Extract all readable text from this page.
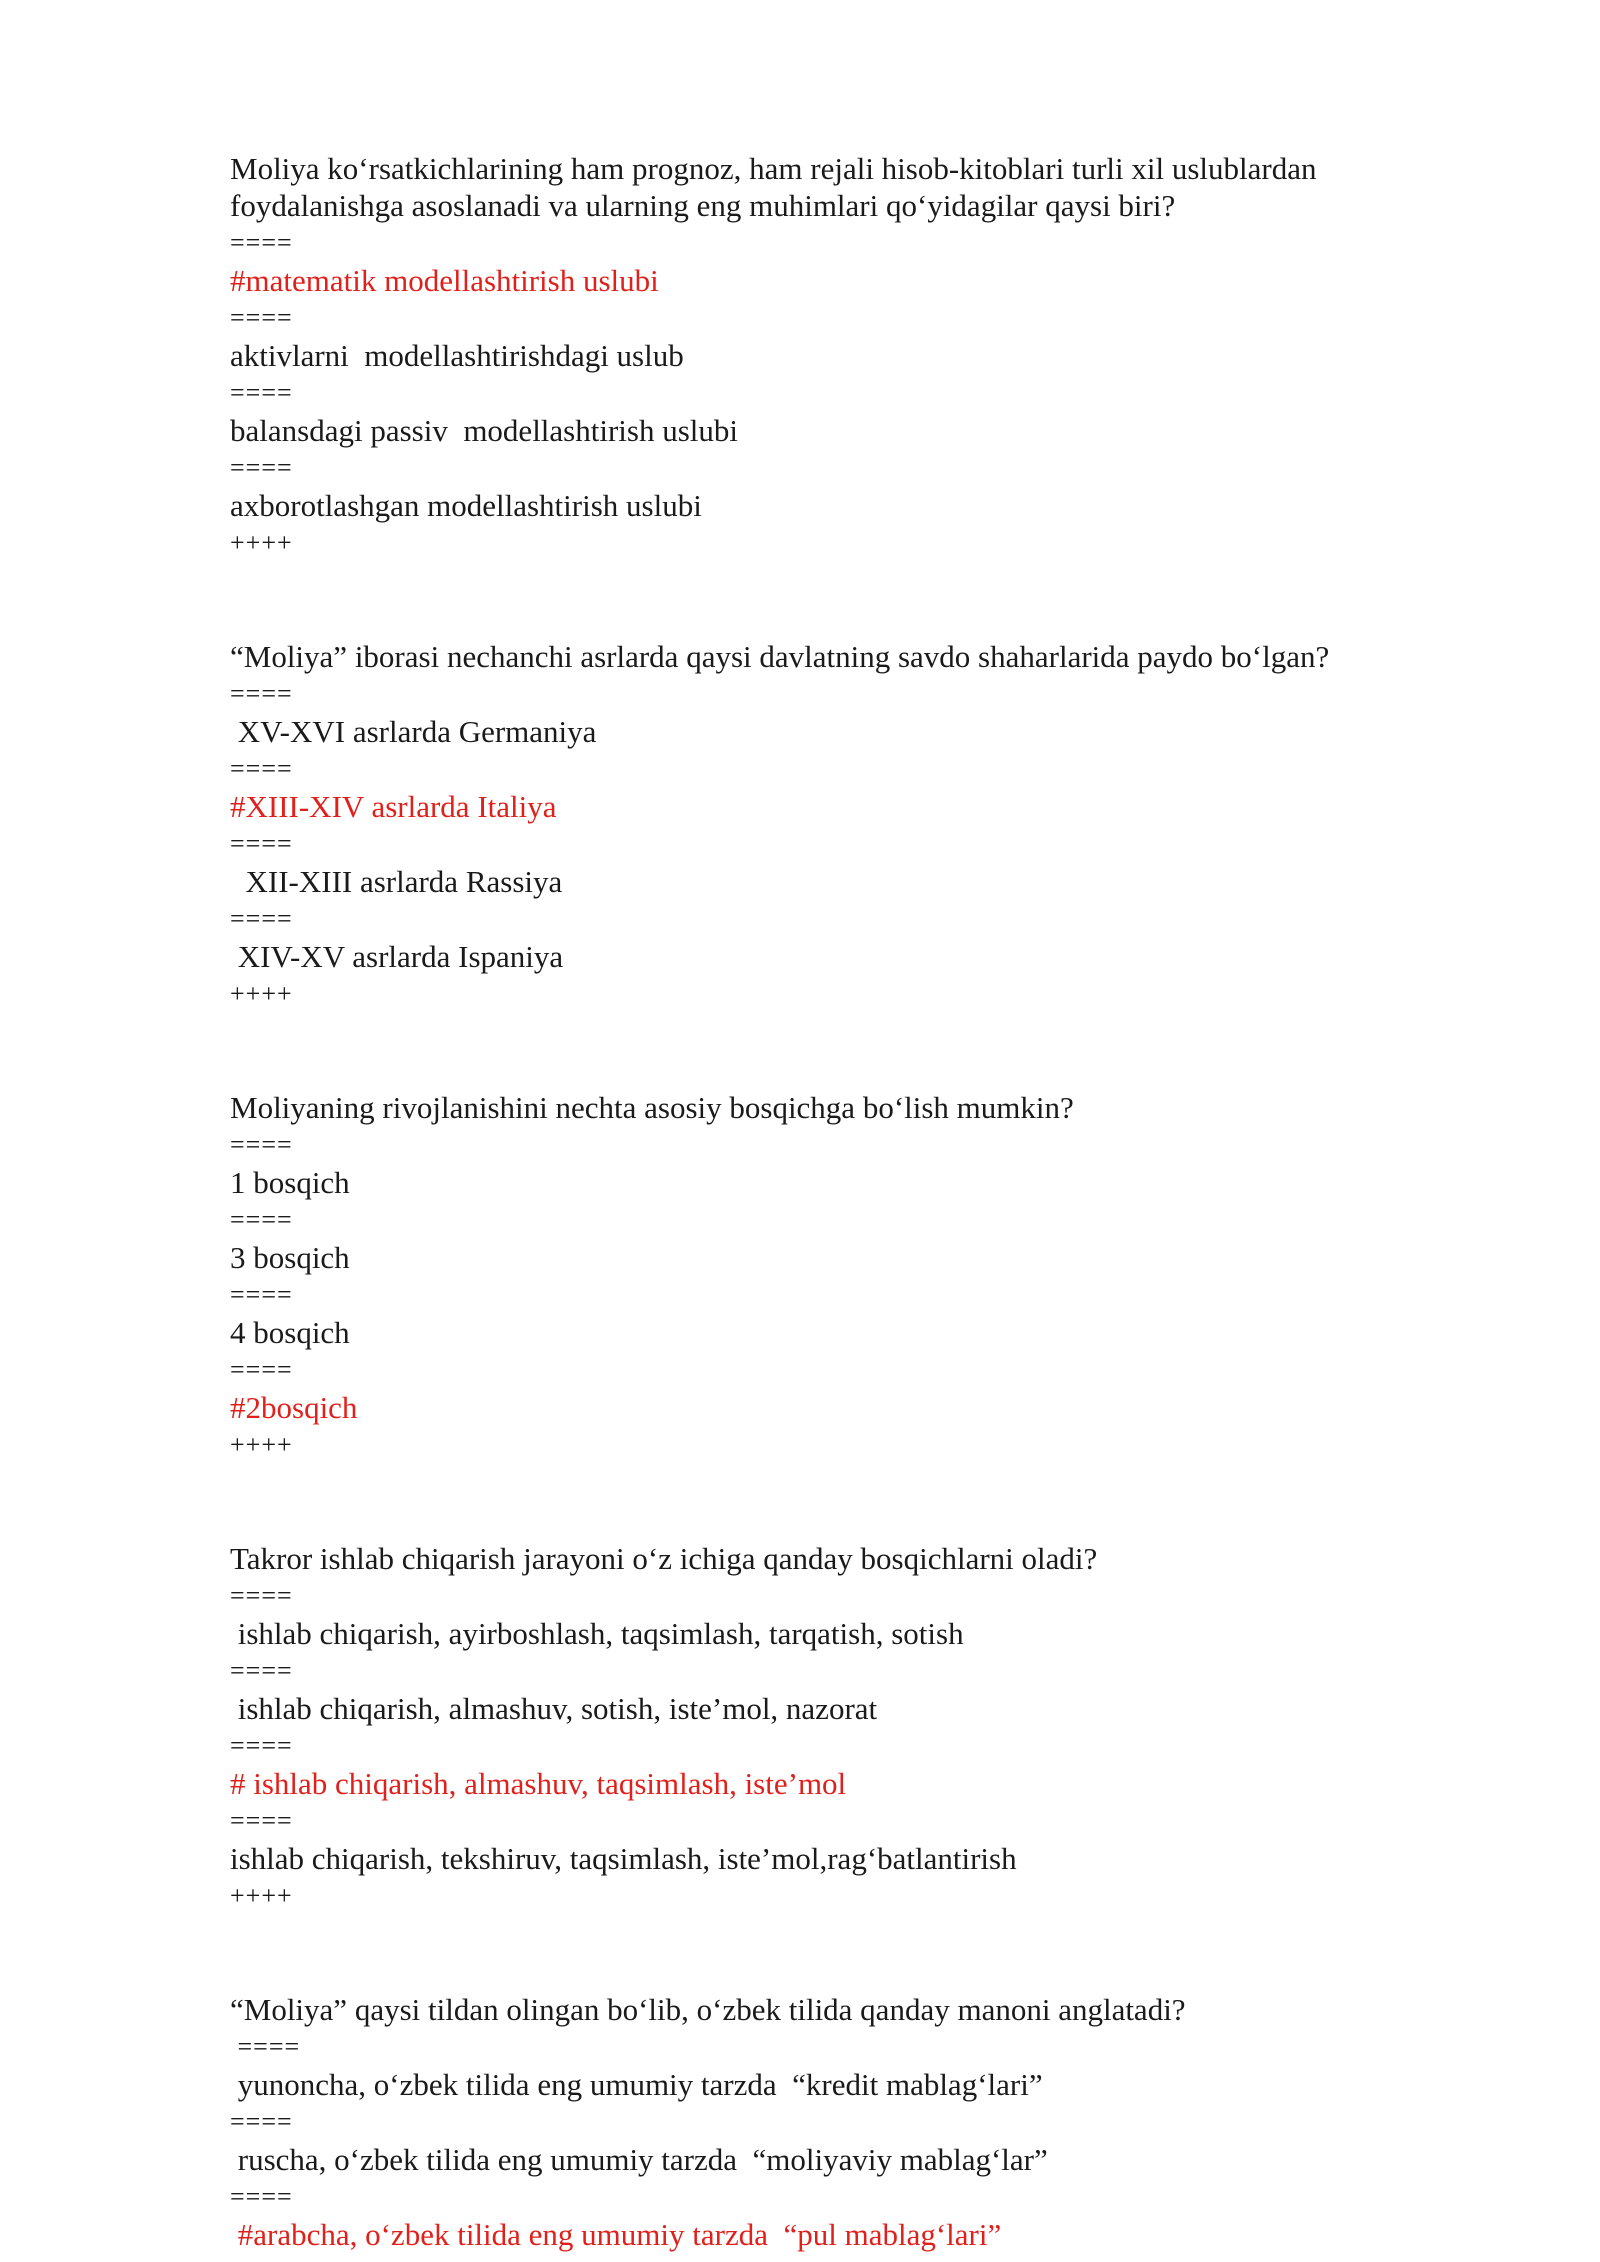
Moliya ko‘rsatkichlarining ham prognoz, ham rejali hisob-kitoblari turli xil uslublardan foydalanishga asoslanadi va ularning eng muhimlari qo‘yidagilar qaysi biri?

====

#matematik modellashtirish uslubi

====

aktivlarni  modellashtirishdagi uslub

====

balansdagi passiv  modellashtirish uslubi

====

axborotlashgan modellashtirish uslubi

++++

“Moliya” iborasi nechanchi asrlarda qaysi davlatning savdo shaharlarida paydo bo‘lgan?

====

XV-XVI asrlarda Germaniya

====

#XIII-XIV asrlarda Italiya

====

XII-XIII asrlarda Rassiya

====

XIV-XV asrlarda Ispaniya

++++

Moliyaning rivojlanishini nechta asosiy bosqichga bo‘lish mumkin?

====

1 bosqich

====

3 bosqich

====

4 bosqich

====

#2bosqich

++++

Takror ishlab chiqarish jarayoni o‘z ichiga qanday bosqichlarni oladi?

====

ishlab chiqarish, ayirboshlash, taqsimlash, tarqatish, sotish

====

ishlab chiqarish, almashuv, sotish, iste’mol, nazorat

====

# ishlab chiqarish, almashuv, taqsimlash, iste’mol

====

ishlab chiqarish, tekshiruv, taqsimlash, iste’mol,rag‘batlantirish

++++

“Moliya” qaysi tildan olingan bo‘lib, o‘zbek tilida qanday manoni anglatadi?

====

yunoncha, o‘zbek tilida eng umumiy tarzda  “kredit mablag‘lari”

====

ruscha, o‘zbek tilida eng umumiy tarzda  “moliyaviy mablag‘lar”

====

#arabcha, o‘zbek tilida eng umumiy tarzda  “pul mablag‘lari”
